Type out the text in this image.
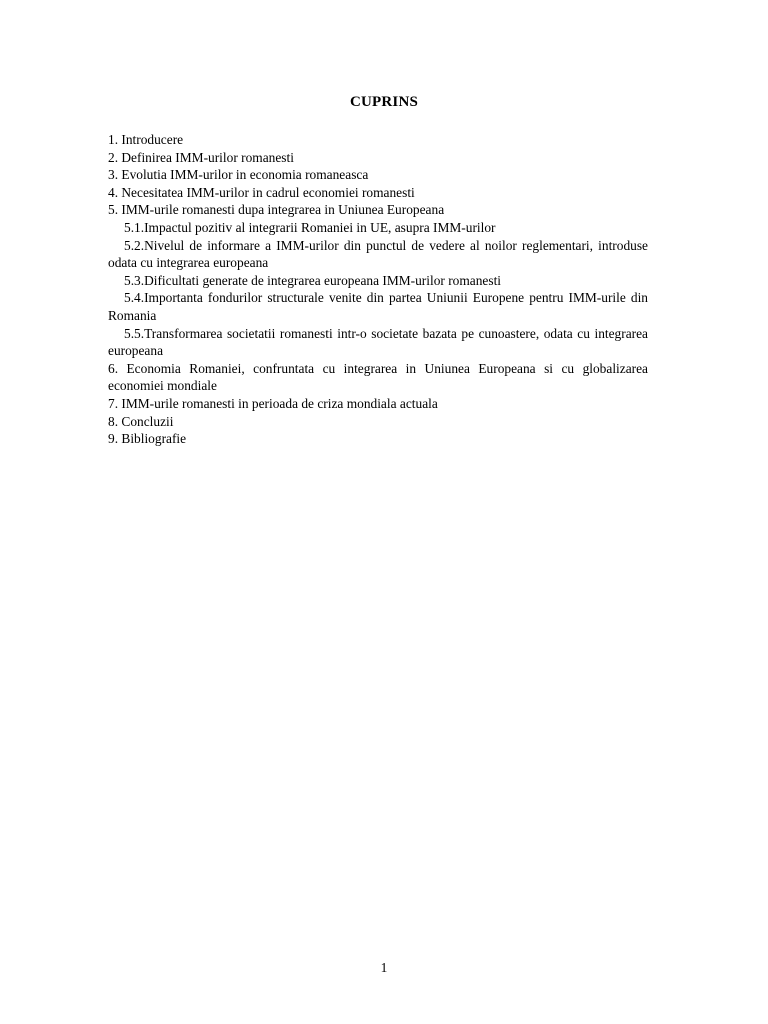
CUPRINS
1. Introducere
2. Definirea IMM-urilor romanesti
3. Evolutia IMM-urilor in economia romaneasca
4. Necesitatea IMM-urilor in cadrul economiei romanesti
5. IMM-urile romanesti dupa integrarea in Uniunea Europeana
5.1.Impactul pozitiv al integrarii Romaniei in UE, asupra IMM-urilor
5.2.Nivelul de informare a IMM-urilor din punctul de vedere al noilor reglementari, introduse odata cu integrarea europeana
5.3.Dificultati generate de integrarea europeana IMM-urilor romanesti
5.4.Importanta fondurilor structurale venite din partea Uniunii Europene pentru IMM-urile din Romania
5.5.Transformarea societatii romanesti intr-o societate bazata pe cunoastere, odata cu integrarea europeana
6. Economia Romaniei, confruntata cu integrarea in Uniunea Europeana si cu globalizarea economiei mondiale
7. IMM-urile romanesti in perioada de criza mondiala actuala
8. Concluzii
9. Bibliografie
1
